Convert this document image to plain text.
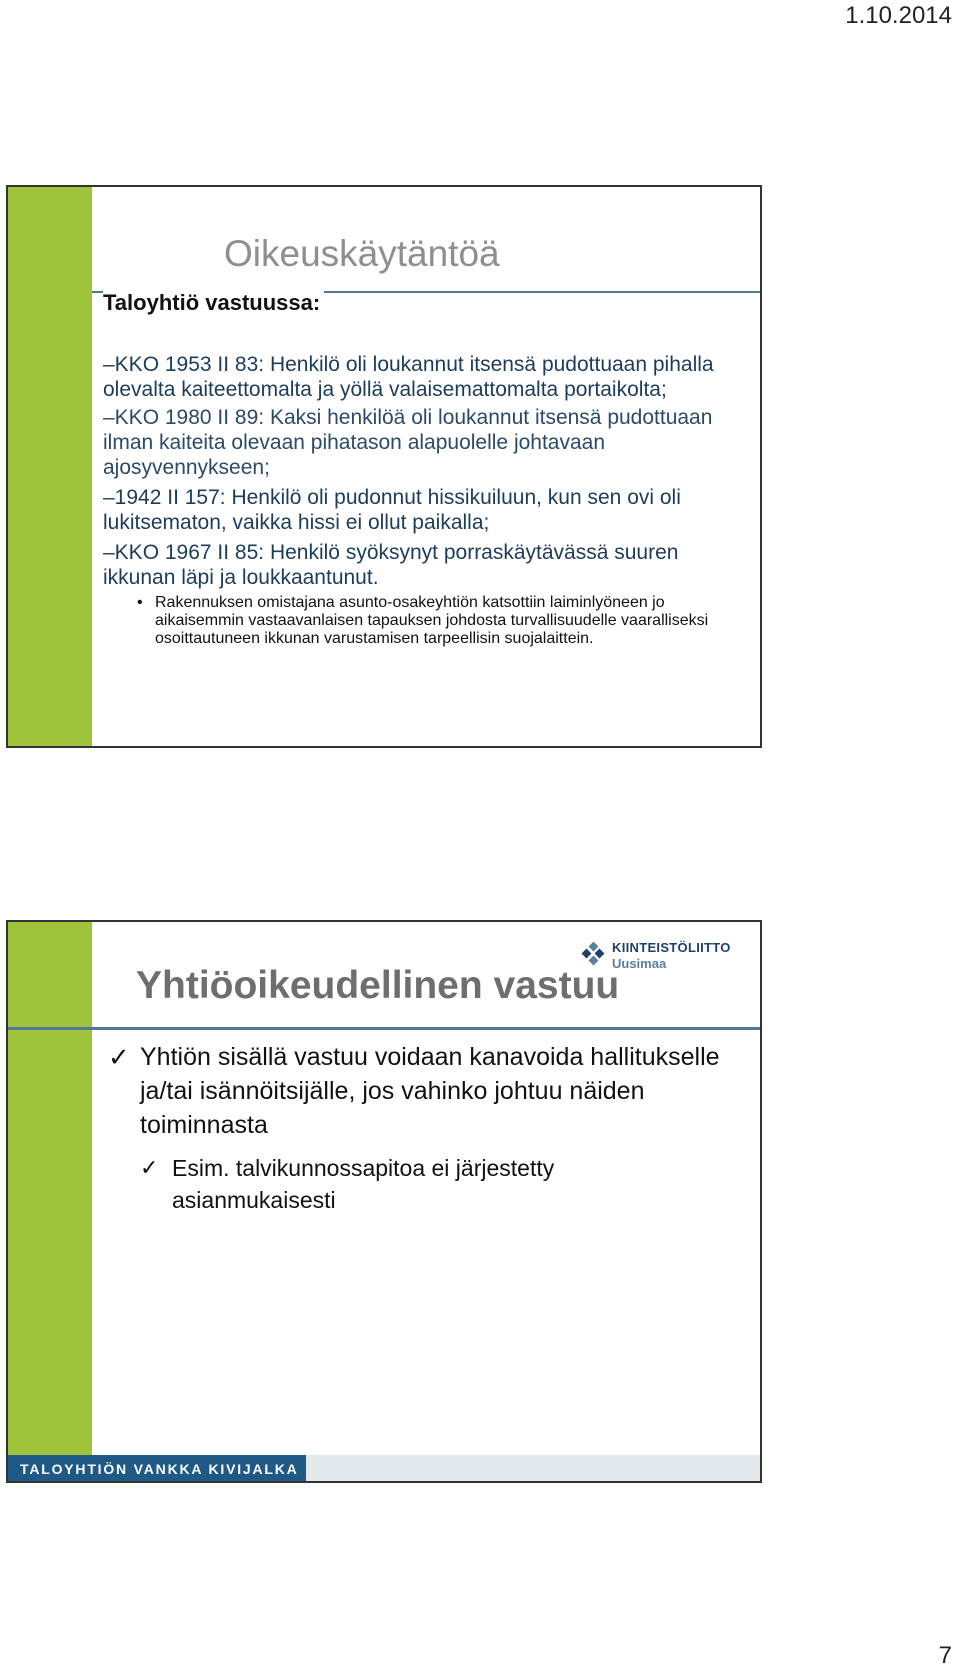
1.10.2014
Oikeuskäytäntöä
Taloyhtiö vastuussa:

–KKO 1953 II 83: Henkilö oli loukannut itsensä pudottuaan pihalla olevalta kaiteettomalta ja yöllä valaisemattomalta portaikolta;

–KKO 1980 II 89: Kaksi henkilöä oli loukannut itsensä pudottuaan ilman kaiteita olevaan pihatason alapuolelle johtavaan ajosyvennykseen;

–1942 II 157: Henkilö oli pudonnut hissikuiluun, kun sen ovi oli lukitsematon, vaikka hissi ei ollut paikalla;

–KKO 1967 II 85: Henkilö syöksynyt porraskäytävässä suuren ikkunan läpi ja loukkaantunut.

• Rakennuksen omistajana asunto-osakeyhtiön katsottiin laiminlyöneen jo aikaisemmin vastaavanlaisen tapauksen johdosta turvallisuudelle vaaralliseksi osoittautuneen ikkunan varustamisen tarpeellisin suojalaittein.

KIINTEISTÖLIITTO
Uusimaa
Yhtiöoikeudellinen vastuu
✓ Yhtiön sisällä vastuu voidaan kanavoida hallitukselle ja/tai isännöitsijälle, jos vahinko johtuu näiden toiminnasta
✓ Esim. talvikunnossapitoa ei järjestetty asianmukaisesti
TALOYHTIÖN VANKKA KIVIJALKA
7
